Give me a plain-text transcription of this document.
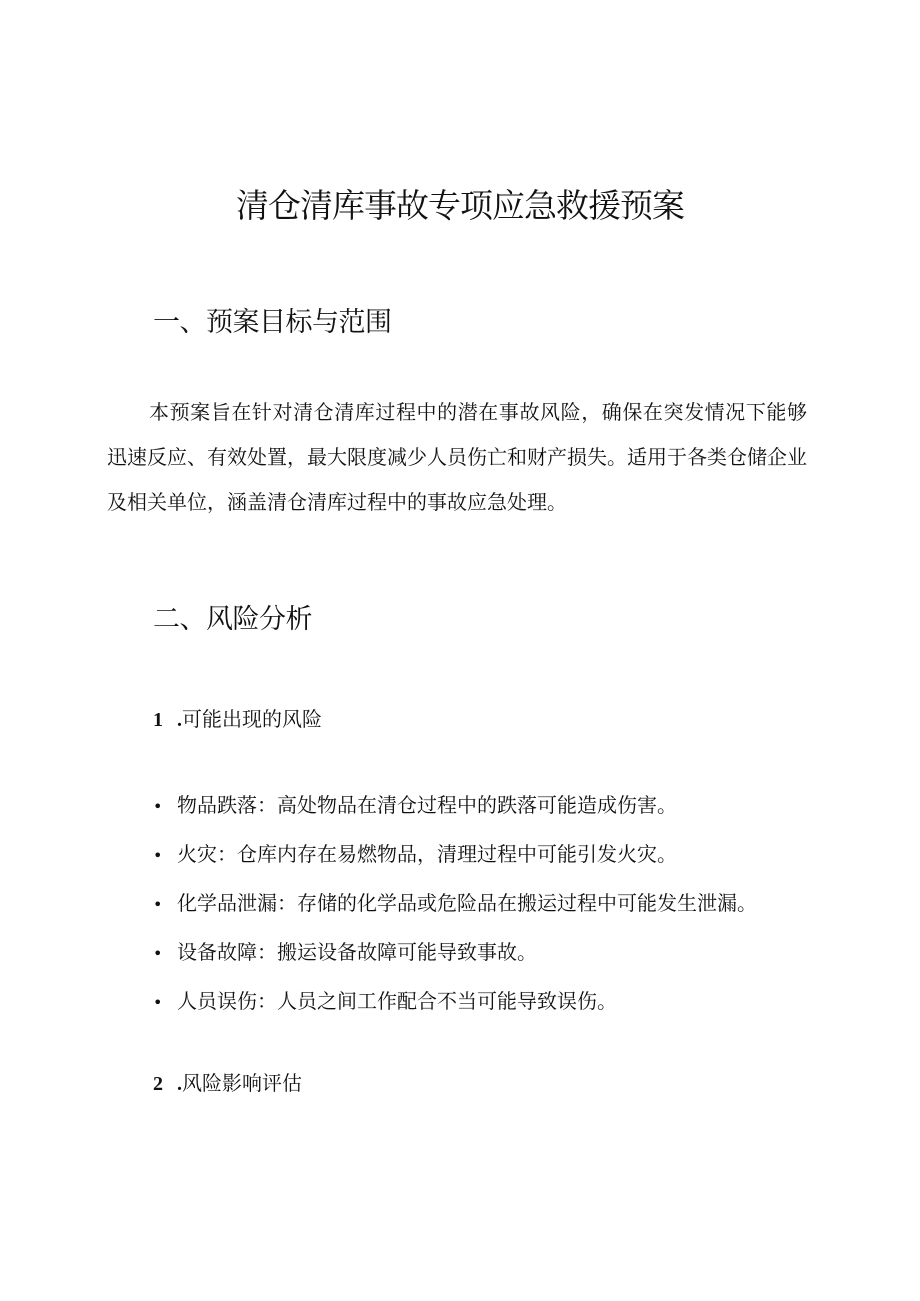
清仓清库事故专项应急救援预案
一、预案目标与范围

本预案旨在针对清仓清库过程中的潜在事故风险，确保在突发情况下能够迅速反应、有效处置，最大限度减少人员伤亡和财产损失。适用于各类仓储企业及相关单位，涵盖清仓清库过程中的事故应急处理。

二、风险分析
1 .可能出现的风险
• 物品跌落：高处物品在清仓过程中的跌落可能造成伤害。
• 火灾：仓库内存在易燃物品，清理过程中可能引发火灾。
• 化学品泄漏：存储的化学品或危险品在搬运过程中可能发生泄漏。
• 设备故障：搬运设备故障可能导致事故。
• 人员误伤：人员之间工作配合不当可能导致误伤。
2 .风险影响评估
